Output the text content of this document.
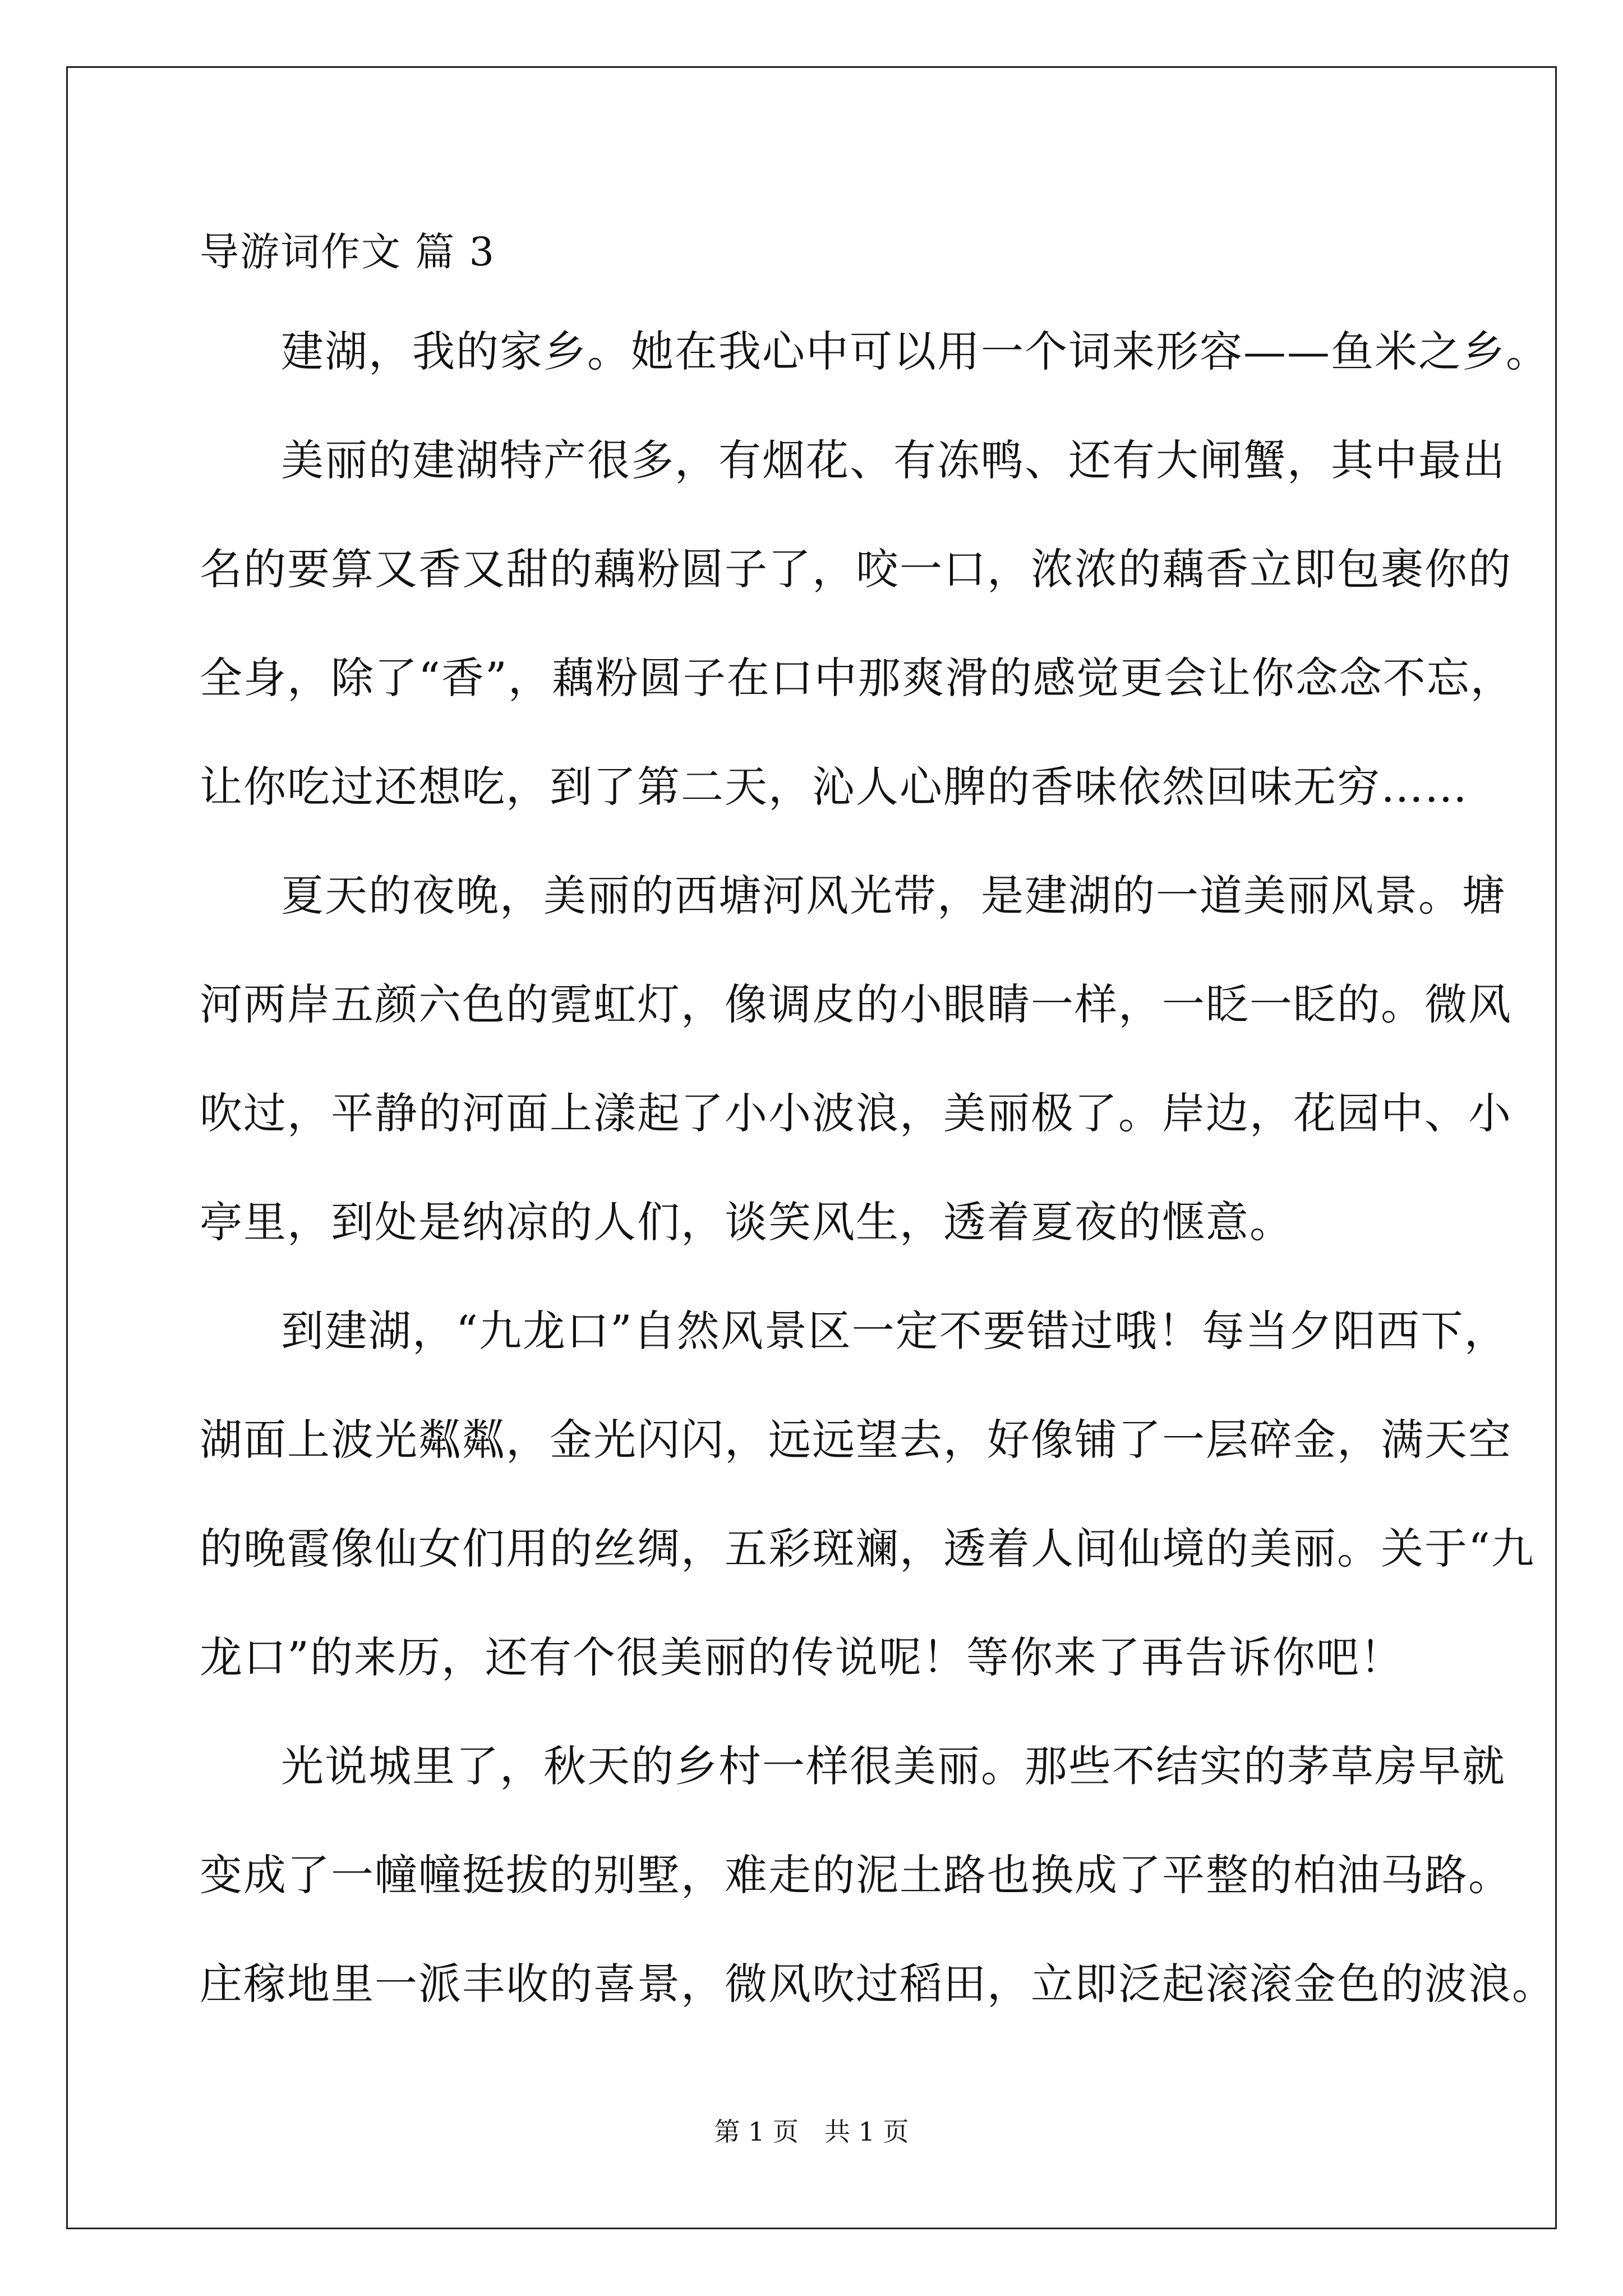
导游词作文 篇 3
建湖，我的家乡。她在我心中可以用一个词来形容——鱼米之乡。
美丽的建湖特产很多，有烟花、有冻鸭、还有大闸蟹，其中最出
名的要算又香又甜的藕粉圆子了，咬一口，浓浓的藕香立即包裹你的
全身，除了“香”，藕粉圆子在口中那爽滑的感觉更会让你念念不忘，
让你吃过还想吃，到了第二天，沁人心脾的香味依然回味无穷……
夏天的夜晚，美丽的西塘河风光带，是建湖的一道美丽风景。塘
河两岸五颜六色的霓虹灯，像调皮的小眼睛一样，一眨一眨的。微风
吹过，平静的河面上漾起了小小波浪，美丽极了。岸边，花园中、小
亭里，到处是纳凉的人们，谈笑风生，透着夏夜的惬意。
到建湖，“九龙口”自然风景区一定不要错过哦！每当夕阳西下，
湖面上波光粼粼，金光闪闪，远远望去，好像铺了一层碎金，满天空
的晚霞像仙女们用的丝绸，五彩斑斓，透着人间仙境的美丽。关于“九
龙口”的来历，还有个很美丽的传说呢！等你来了再告诉你吧！
光说城里了，秋天的乡村一样很美丽。那些不结实的茅草房早就
变成了一幢幢挺拔的别墅，难走的泥土路也换成了平整的柏油马路。
庄稼地里一派丰收的喜景，微风吹过稻田，立即泛起滚滚金色的波浪。
第 1 页 共 1 页
